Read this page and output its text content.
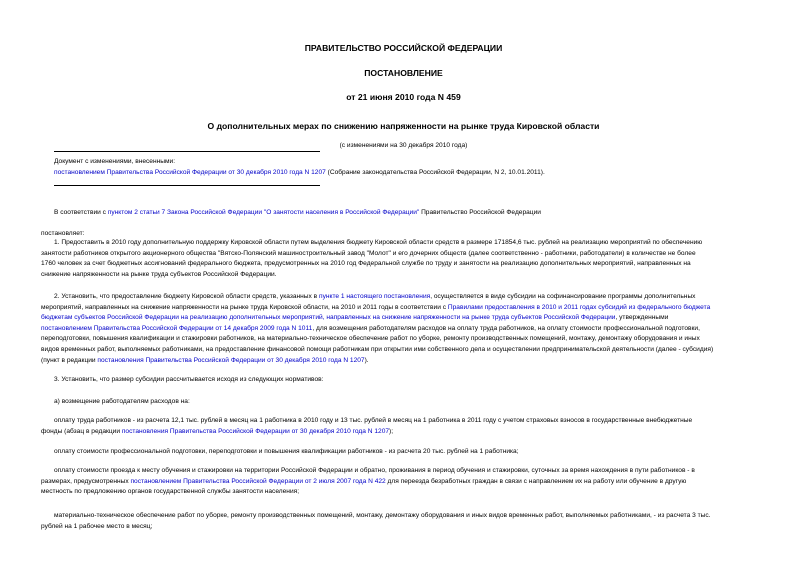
ПРАВИТЕЛЬСТВО РОССИЙСКОЙ ФЕДЕРАЦИИ
ПОСТАНОВЛЕНИЕ
от 21 июня 2010 года N 459
О дополнительных мерах по снижению напряженности на рынке труда Кировской области
(с изменениями на 30 декабря 2010 года)
Документ с изменениями, внесенными:
постановлением Правительства Российской Федерации от 30 декабря 2010 года N 1207 (Собрание законодательства Российской Федерации, N 2, 10.01.2011).
В соответствии с пунктом 2 статьи 7 Закона Российской Федерации "О занятости населения в Российской Федерации" Правительство Российской Федерации
постановляет:
1. Предоставить в 2010 году дополнительную поддержку Кировской области путем выделения бюджету Кировской области средств в размере 171854,6 тыс. рублей на реализацию мероприятий по обеспечению
занятости работников открытого акционерного общества "Вятско-Полянский машиностроительный завод "Молот" и его дочерних обществ (далее соответственно - работники, работодатели) в количестве не более
1760 человек за счет бюджетных ассигнований федерального бюджета, предусмотренных на 2010 год Федеральной службе по труду и занятости на реализацию дополнительных мероприятий, направленных на
снижение напряженности на рынке труда субъектов Российской Федерации.
2. Установить, что предоставление бюджету Кировской области средств, указанных в пункте 1 настоящего постановления, осуществляется в виде субсидии на софинансирование программы дополнительных
мероприятий, направленных на снижение напряженности на рынке труда Кировской области, на 2010 и 2011 годы в соответствии с Правилами предоставления в 2010 и 2011 годах субсидий из федерального бюджета
бюджетам субъектов Российской Федерации на реализацию дополнительных мероприятий, направленных на снижение напряженности на рынке труда субъектов Российской Федерации, утвержденными
постановлением Правительства Российской Федерации от 14 декабря 2009 года N 1011, для возмещения работодателям расходов на оплату труда работников, на оплату стоимости профессиональной подготовки,
переподготовки, повышения квалификации и стажировки работников, на материально-техническое обеспечение работ по уборке, ремонту производственных помещений, монтажу, демонтажу оборудования и иных
видов временных работ, выполняемых работниками, на предоставление финансовой помощи работникам при открытии ими собственного дела и осуществлении предпринимательской деятельности (далее - субсидия)
(пункт в редакции постановления Правительства Российской Федерации от 30 декабря 2010 года N 1207).
3. Установить, что размер субсидии рассчитывается исходя из следующих нормативов:
а) возмещение работодателям расходов на:
оплату труда работников - из расчета 12,1 тыс. рублей в месяц на 1 работника в 2010 году и 13 тыс. рублей в месяц на 1 работника в 2011 году с учетом страховых взносов в государственные внебюджетные
фонды (абзац в редакции постановления Правительства Российской Федерации от 30 декабря 2010 года N 1207);
оплату стоимости профессиональной подготовки, переподготовки и повышения квалификации работников - из расчета 20 тыс. рублей на 1 работника;
оплату стоимости проезда к месту обучения и стажировки на территории Российской Федерации и обратно, проживания в период обучения и стажировки, суточных за время нахождения в пути работников - в
размерах, предусмотренных постановлением Правительства Российской Федерации от 2 июля 2007 года N 422 для переезда безработных граждан в связи с направлением их на работу или обучение в другую
местность по предложению органов государственной службы занятости населения;
материально-техническое обеспечение работ по уборке, ремонту производственных помещений, монтажу, демонтажу оборудования и иных видов временных работ, выполняемых работниками, - из расчета 3 тыс.
рублей на 1 рабочее место в месяц;
